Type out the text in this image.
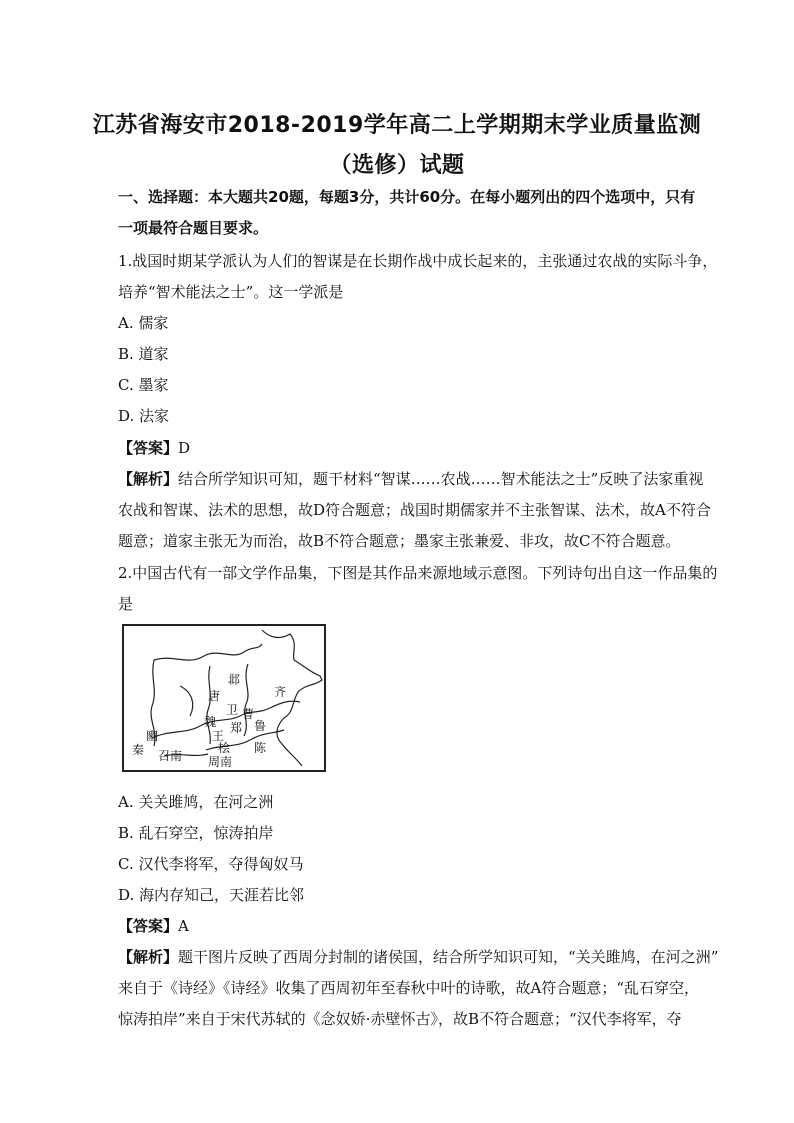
江苏省海安市2018-2019学年高二上学期期末学业质量监测
（选修）试题
一、选择题：本大题共20题，每题3分，共计60分。在每小题列出的四个选项中，只有
一项最符合题目要求。
1.战国时期某学派认为人们的智谋是在长期作战中成长起来的，主张通过农战的实际斗争，
培养“智术能法之士”。这一学派是
A. 儒家
B. 道家
C. 墨家
D. 法家
【答案】D
【解析】结合所学知识可知，题干材料“智谋……农战……智术能法之士”反映了法家重视
农战和智谋、法术的思想，故D符合题意；战国时期儒家并不主张智谋、法术，故A不符合
题意；道家主张无为而治，故B不符合题意；墨家主张兼爱、非攻，故C不符合题意。
2.中国古代有一部文学作品集，下图是其作品来源地域示意图。下列诗句出自这一作品集的
是
邶
齐
唐
卫 曹
鲁
魏
王
郑
豳
秦 召南
桧 陈
周南
A. 关关雎鸠，在河之洲
B. 乱石穿空，惊涛拍岸
C. 汉代李将军，夺得匈奴马
D. 海内存知己，天涯若比邻
【答案】A
【解析】题干图片反映了西周分封制的诸侯国，结合所学知识可知，“关关雎鸠，在河之洲”
来自于《诗经》《诗经》收集了西周初年至春秋中叶的诗歌，故A符合题意；“乱石穿空，
惊涛拍岸”来自于宋代苏轼的《念奴娇·赤壁怀古》，故B不符合题意；“汉代李将军，夺
